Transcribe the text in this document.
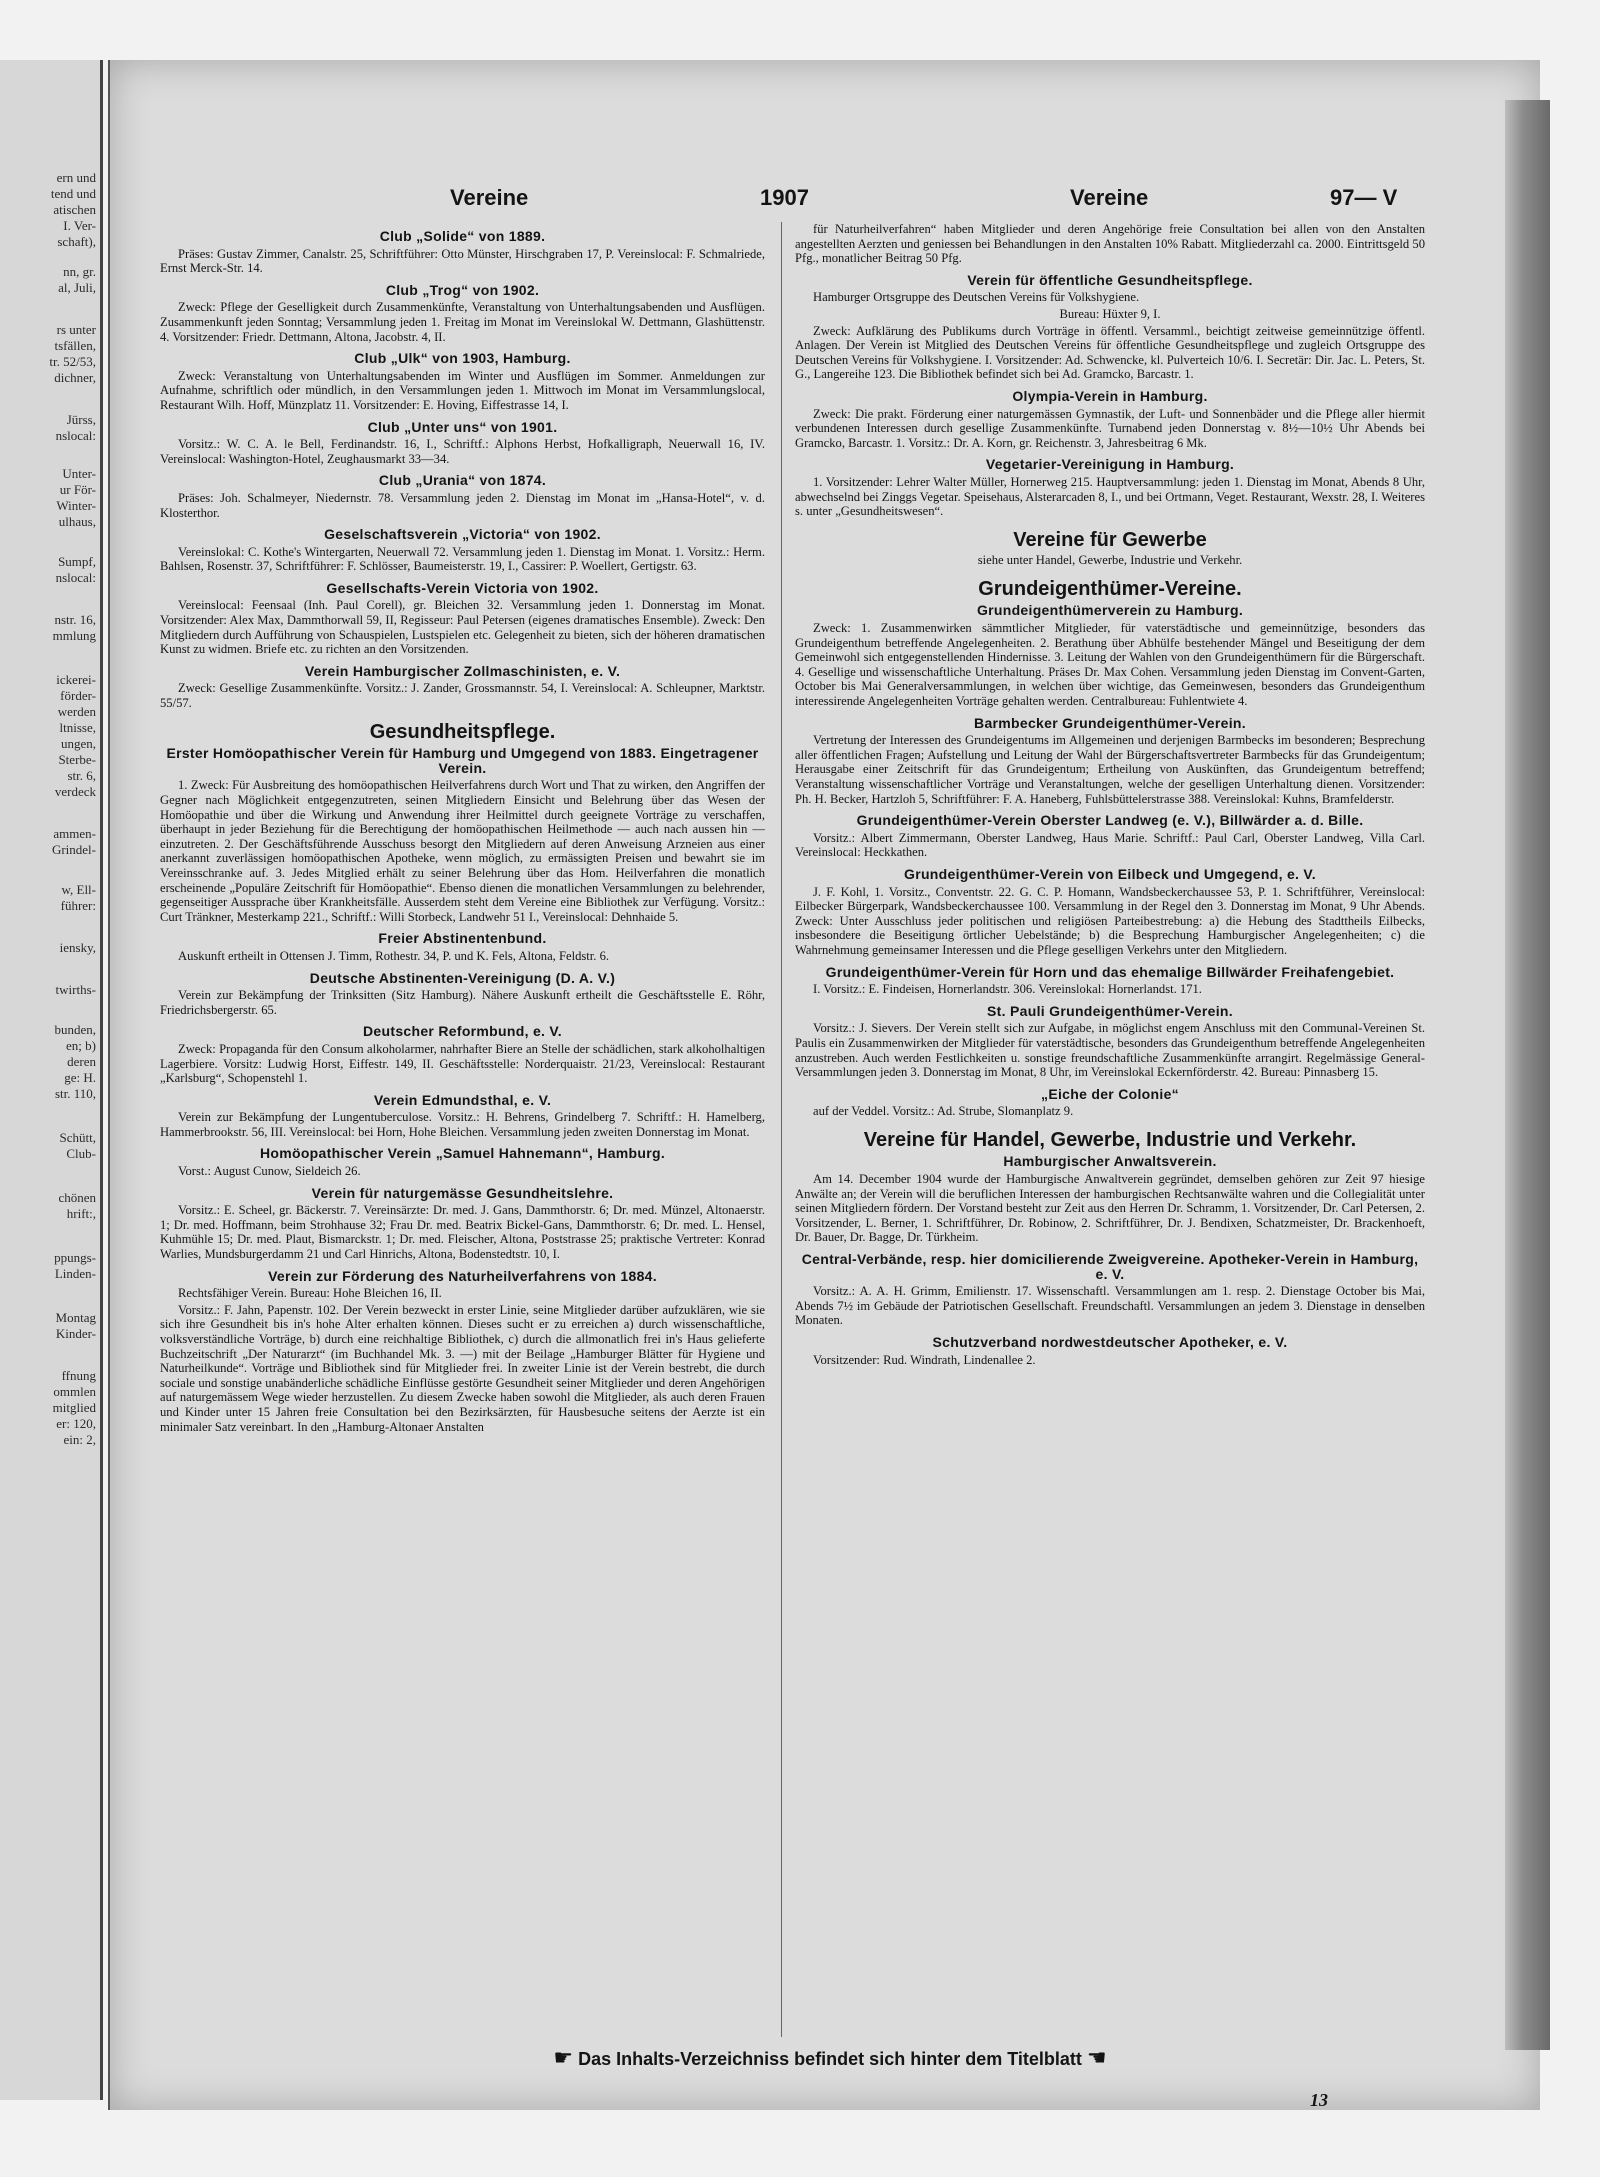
ern und
tend und
atischen
I. Ver-
schaft),
nn, gr.
al, Juli,
rs unter
tsfällen,
tr. 52/53,
dichner,
Jürss,
nslocal:
Unter-
ur För-
Winter-
ulhaus,
Sumpf,
nslocal:
nstr. 16,
mmlung
ickerei-
förder-
werden
ltnisse,
ungen,
Sterbe-
str. 6,
verdeck
ammen-
Grindel-
w, Ell-
führer:
iensky,
twirths-
bunden,
en; b)
deren
ge: H.
str. 110,
Schütt,
Club-
chönen
hrift:,
ppungs-
Linden-
Montag
Kinder-
ffnung
ommlen
mitglied
er: 120,
ein: 2,
Vereine	1907	Vereine	97— V
Club „Solide“ von 1889.

Präses: Gustav Zimmer, Canalstr. 25, Schriftführer: Otto Münster, Hirschgraben 17, P. Vereinslocal: F. Schmalriede, Ernst Merck-Str. 14.

Club „Trog“ von 1902.

Zweck: Pflege der Geselligkeit durch Zusammenkünfte, Veranstaltung von Unterhaltungsabenden und Ausflügen. Zusammenkunft jeden Sonntag; Versammlung jeden 1. Freitag im Monat im Vereinslokal W. Dettmann, Glashüttenstr. 4. Vorsitzender: Friedr. Dettmann, Altona, Jacobstr. 4, II.

Club „Ulk“ von 1903, Hamburg.

Zweck: Veranstaltung von Unterhaltungsabenden im Winter und Ausflügen im Sommer. Anmeldungen zur Aufnahme, schriftlich oder mündlich, in den Versammlungen jeden 1. Mittwoch im Monat im Versammlungslocal, Restaurant Wilh. Hoff, Münzplatz 11. Vorsitzender: E. Hoving, Eiffestrasse 14, I.

Club „Unter uns“ von 1901.

Vorsitz.: W. C. A. le Bell, Ferdinandstr. 16, I., Schriftf.: Alphons Herbst, Hofkalligraph, Neuerwall 16, IV. Vereinslocal: Washington-Hotel, Zeughausmarkt 33—34.

Club „Urania“ von 1874.

Präses: Joh. Schalmeyer, Niedernstr. 78. Versammlung jeden 2. Dienstag im Monat im „Hansa-Hotel“, v. d. Klosterthor.

Geselschaftsverein „Victoria“ von 1902.

Vereinslokal: C. Kothe's Wintergarten, Neuerwall 72. Versammlung jeden 1. Dienstag im Monat. 1. Vorsitz.: Herm. Bahlsen, Rosenstr. 37, Schriftführer: F. Schlösser, Baumeisterstr. 19, I., Cassirer: P. Woellert, Gertigstr. 63.

Gesellschafts-Verein Victoria von 1902.

Vereinslocal: Feensaal (Inh. Paul Corell), gr. Bleichen 32. Versammlung jeden 1. Donnerstag im Monat. Vorsitzender: Alex Max, Dammthorwall 59, II, Regisseur: Paul Petersen (eigenes dramatisches Ensemble). Zweck: Den Mitgliedern durch Aufführung von Schauspielen, Lustspielen etc. Gelegenheit zu bieten, sich der höheren dramatischen Kunst zu widmen. Briefe etc. zu richten an den Vorsitzenden.

Verein Hamburgischer Zollmaschinisten, e. V.

Zweck: Gesellige Zusammenkünfte. Vorsitz.: J. Zander, Grossmannstr. 54, I. Vereinslocal: A. Schleupner, Marktstr. 55/57.

Gesundheitspflege.
Erster Homöopathischer Verein für Hamburg und Umgegend von 1883. Eingetragener Verein.

1. Zweck: Für Ausbreitung des homöopathischen Heilverfahrens durch Wort und That zu wirken, den Angriffen der Gegner nach Möglichkeit entgegenzutreten, seinen Mitgliedern Einsicht und Belehrung über das Wesen der Homöopathie und über die Wirkung und Anwendung ihrer Heilmittel durch geeignete Vorträge zu verschaffen, überhaupt in jeder Beziehung für die Berechtigung der homöopathischen Heilmethode — auch nach aussen hin — einzutreten. 2. Der Geschäftsführende Ausschuss besorgt den Mitgliedern auf deren Anweisung Arzneien aus einer anerkannt zuverlässigen homöopathischen Apotheke, wenn möglich, zu ermässigten Preisen und bewahrt sie im Vereinsschranke auf. 3. Jedes Mitglied erhält zu seiner Belehrung über das Hom. Heilverfahren die monatlich erscheinende „Populäre Zeitschrift für Homöopathie“. Ebenso dienen die monatlichen Versammlungen zu belehrender, gegenseitiger Aussprache über Krankheitsfälle. Ausserdem steht dem Vereine eine Bibliothek zur Verfügung. Vorsitz.: Curt Tränkner, Mesterkamp 221., Schriftf.: Willi Storbeck, Landwehr 51 I., Vereinslocal: Dehnhaide 5.

Freier Abstinentenbund.

Auskunft ertheilt in Ottensen J. Timm, Rothestr. 34, P. und K. Fels, Altona, Feldstr. 6.

Deutsche Abstinenten-Vereinigung (D. A. V.)

Verein zur Bekämpfung der Trinksitten (Sitz Hamburg). Nähere Auskunft ertheilt die Geschäftsstelle E. Röhr, Friedrichsbergerstr. 65.

Deutscher Reformbund, e. V.

Zweck: Propaganda für den Consum alkoholarmer, nahrhafter Biere an Stelle der schädlichen, stark alkoholhaltigen Lagerbiere. Vorsitz: Ludwig Horst, Eiffestr. 149, II. Geschäftsstelle: Norderquaistr. 21/23, Vereinslocal: Restaurant „Karlsburg“, Schopenstehl 1.

Verein Edmundsthal, e. V.

Verein zur Bekämpfung der Lungentuberculose. Vorsitz.: H. Behrens, Grindelberg 7. Schriftf.: H. Hamelberg, Hammerbrookstr. 56, III. Vereinslocal: bei Horn, Hohe Bleichen. Versammlung jeden zweiten Donnerstag im Monat.

Homöopathischer Verein „Samuel Hahnemann“, Hamburg.

Vorst.: August Cunow, Sieldeich 26.

Verein für naturgemässe Gesundheitslehre.

Vorsitz.: E. Scheel, gr. Bäckerstr. 7. Vereinsärzte: Dr. med. J. Gans, Dammthorstr. 6; Dr. med. Münzel, Altonaerstr. 1; Dr. med. Hoffmann, beim Strohhause 32; Frau Dr. med. Beatrix Bickel-Gans, Dammthorstr. 6; Dr. med. L. Hensel, Kuhmühle 15; Dr. med. Plaut, Bismarckstr. 1; Dr. med. Fleischer, Altona, Poststrasse 25; praktische Vertreter: Konrad Warlies, Mundsburgerdamm 21 und Carl Hinrichs, Altona, Bodenstedtstr. 10, I.

Verein zur Förderung des Naturheilverfahrens von 1884.

Rechtsfähiger Verein. Bureau: Hohe Bleichen 16, II.

Vorsitz.: F. Jahn, Papenstr. 102. Der Verein bezweckt in erster Linie, seine Mitglieder darüber aufzuklären, wie sie sich ihre Gesundheit bis in's hohe Alter erhalten können. Dieses sucht er zu erreichen a) durch wissenschaftliche, volksverständliche Vorträge, b) durch eine reichhaltige Bibliothek, c) durch die allmonatlich frei in's Haus gelieferte Buchzeitschrift „Der Naturarzt“ (im Buchhandel Mk. 3. —) mit der Beilage „Hamburger Blätter für Hygiene und Naturheilkunde“. Vorträge und Bibliothek sind für Mitglieder frei. In zweiter Linie ist der Verein bestrebt, die durch sociale und sonstige unabänderliche schädliche Einflüsse gestörte Gesundheit seiner Mitglieder und deren Angehörigen auf naturgemässem Wege wieder herzustellen. Zu diesem Zwecke haben sowohl die Mitglieder, als auch deren Frauen und Kinder unter 15 Jahren freie Consultation bei den Bezirksärzten, für Hausbesuche seitens der Aerzte ist ein minimaler Satz vereinbart. In den „Hamburg-Altonaer Anstalten

für Naturheilverfahren“ haben Mitglieder und deren Angehörige freie Consultation bei allen von den Anstalten angestellten Aerzten und geniessen bei Behandlungen in den Anstalten 10% Rabatt. Mitgliederzahl ca. 2000. Eintrittsgeld 50 Pfg., monatlicher Beitrag 50 Pfg.

Verein für öffentliche Gesundheitspflege.

Hamburger Ortsgruppe des Deutschen Vereins für Volkshygiene.

Bureau: Hüxter 9, I.

Zweck: Aufklärung des Publikums durch Vorträge in öffentl. Versamml., beichtigt zeitweise gemeinnützige öffentl. Anlagen. Der Verein ist Mitglied des Deutschen Vereins für öffentliche Gesundheitspflege und zugleich Ortsgruppe des Deutschen Vereins für Volkshygiene. I. Vorsitzender: Ad. Schwencke, kl. Pulverteich 10/6. I. Secretär: Dir. Jac. L. Peters, St. G., Langereihe 123. Die Bibliothek befindet sich bei Ad. Gramcko, Barcastr. 1.

Olympia-Verein in Hamburg.

Zweck: Die prakt. Förderung einer naturgemässen Gymnastik, der Luft- und Sonnenbäder und die Pflege aller hiermit verbundenen Interessen durch gesellige Zusammenkünfte. Turnabend jeden Donnerstag v. 8½—10½ Uhr Abends bei Gramcko, Barcastr. 1. Vorsitz.: Dr. A. Korn, gr. Reichenstr. 3, Jahresbeitrag 6 Mk.

Vegetarier-Vereinigung in Hamburg.

1. Vorsitzender: Lehrer Walter Müller, Hornerweg 215. Hauptversammlung: jeden 1. Dienstag im Monat, Abends 8 Uhr, abwechselnd bei Zinggs Vegetar. Speisehaus, Alsterarcaden 8, I., und bei Ortmann, Veget. Restaurant, Wexstr. 28, I. Weiteres s. unter „Gesundheitswesen“.

Vereine für Gewerbe

siehe unter Handel, Gewerbe, Industrie und Verkehr.

Grundeigenthümer-Vereine.
Grundeigenthümerverein zu Hamburg.

Zweck: 1. Zusammenwirken sämmtlicher Mitglieder, für vaterstädtische und gemeinnützige, besonders das Grundeigenthum betreffende Angelegenheiten. 2. Berathung über Abhülfe bestehender Mängel und Beseitigung der dem Gemeinwohl sich entgegenstellenden Hindernisse. 3. Leitung der Wahlen von den Grundeigenthümern für die Bürgerschaft. 4. Gesellige und wissenschaftliche Unterhaltung. Präses Dr. Max Cohen. Versammlung jeden Dienstag im Convent-Garten, October bis Mai Generalversammlungen, in welchen über wichtige, das Gemeinwesen, besonders das Grundeigenthum interessirende Angelegenheiten Vorträge gehalten werden. Centralbureau: Fuhlentwiete 4.

Barmbecker Grundeigenthümer-Verein.

Vertretung der Interessen des Grundeigentums im Allgemeinen und derjenigen Barmbecks im besonderen; Besprechung aller öffentlichen Fragen; Aufstellung und Leitung der Wahl der Bürgerschaftsvertreter Barmbecks für das Grundeigentum; Herausgabe einer Zeitschrift für das Grundeigentum; Ertheilung von Auskünften, das Grundeigentum betreffend; Veranstaltung wissenschaftlicher Vorträge und Veranstaltungen, welche der geselligen Unterhaltung dienen. Vorsitzender: Ph. H. Becker, Hartzloh 5, Schriftführer: F. A. Haneberg, Fuhlsbüttelerstrasse 388. Vereinslokal: Kuhns, Bramfelderstr.

Grundeigenthümer-Verein Oberster Landweg (e. V.), Billwärder a. d. Bille.

Vorsitz.: Albert Zimmermann, Oberster Landweg, Haus Marie. Schriftf.: Paul Carl, Oberster Landweg, Villa Carl. Vereinslocal: Heckkathen.

Grundeigenthümer-Verein von Eilbeck und Umgegend, e. V.

J. F. Kohl, 1. Vorsitz., Conventstr. 22. G. C. P. Homann, Wandsbeckerchaussee 53, P. 1. Schriftführer, Vereinslocal: Eilbecker Bürgerpark, Wandsbeckerchaussee 100. Versammlung in der Regel den 3. Donnerstag im Monat, 9 Uhr Abends. Zweck: Unter Ausschluss jeder politischen und religiösen Parteibestrebung: a) die Hebung des Stadttheils Eilbecks, insbesondere die Beseitigung örtlicher Uebelstände; b) die Besprechung Hamburgischer Angelegenheiten; c) die Wahrnehmung gemeinsamer Interessen und die Pflege geselligen Verkehrs unter den Mitgliedern.

Grundeigenthümer-Verein für Horn und das ehemalige Billwärder Freihafengebiet.

I. Vorsitz.: E. Findeisen, Hornerlandstr. 306. Vereinslokal: Hornerlandst. 171.

St. Pauli Grundeigenthümer-Verein.

Vorsitz.: J. Sievers. Der Verein stellt sich zur Aufgabe, in möglichst engem Anschluss mit den Communal-Vereinen St. Paulis ein Zusammenwirken der Mitglieder für vaterstädtische, besonders das Grundeigenthum betreffende Angelegenheiten anzustreben. Auch werden Festlichkeiten u. sonstige freundschaftliche Zusammenkünfte arrangirt. Regelmässige General-Versammlungen jeden 3. Donnerstag im Monat, 8 Uhr, im Vereinslokal Eckernförderstr. 42. Bureau: Pinnasberg 15.

„Eiche der Colonie“

auf der Veddel. Vorsitz.: Ad. Strube, Slomanplatz 9.

Vereine für Handel, Gewerbe, Industrie und Verkehr.
Hamburgischer Anwaltsverein.

Am 14. December 1904 wurde der Hamburgische Anwaltverein gegründet, demselben gehören zur Zeit 97 hiesige Anwälte an; der Verein will die beruflichen Interessen der hamburgischen Rechtsanwälte wahren und die Collegialität unter seinen Mitgliedern fördern. Der Vorstand besteht zur Zeit aus den Herren Dr. Schramm, 1. Vorsitzender, Dr. Carl Petersen, 2. Vorsitzender, L. Berner, 1. Schriftführer, Dr. Robinow, 2. Schriftführer, Dr. J. Bendixen, Schatzmeister, Dr. Brackenhoeft, Dr. Bauer, Dr. Bagge, Dr. Türkheim.

Central-Verbände, resp. hier domicilierende Zweigvereine. Apotheker-Verein in Hamburg, e. V.

Vorsitz.: A. A. H. Grimm, Emilienstr. 17. Wissenschaftl. Versammlungen am 1. resp. 2. Dienstage October bis Mai, Abends 7½ im Gebäude der Patriotischen Gesellschaft. Freundschaftl. Versammlungen an jedem 3. Dienstage in denselben Monaten.

Schutzverband nordwestdeutscher Apotheker, e. V.

Vorsitzender: Rud. Windrath, Lindenallee 2.

☛ Das Inhalts-Verzeichniss befindet sich hinter dem Titelblatt ☚
13
